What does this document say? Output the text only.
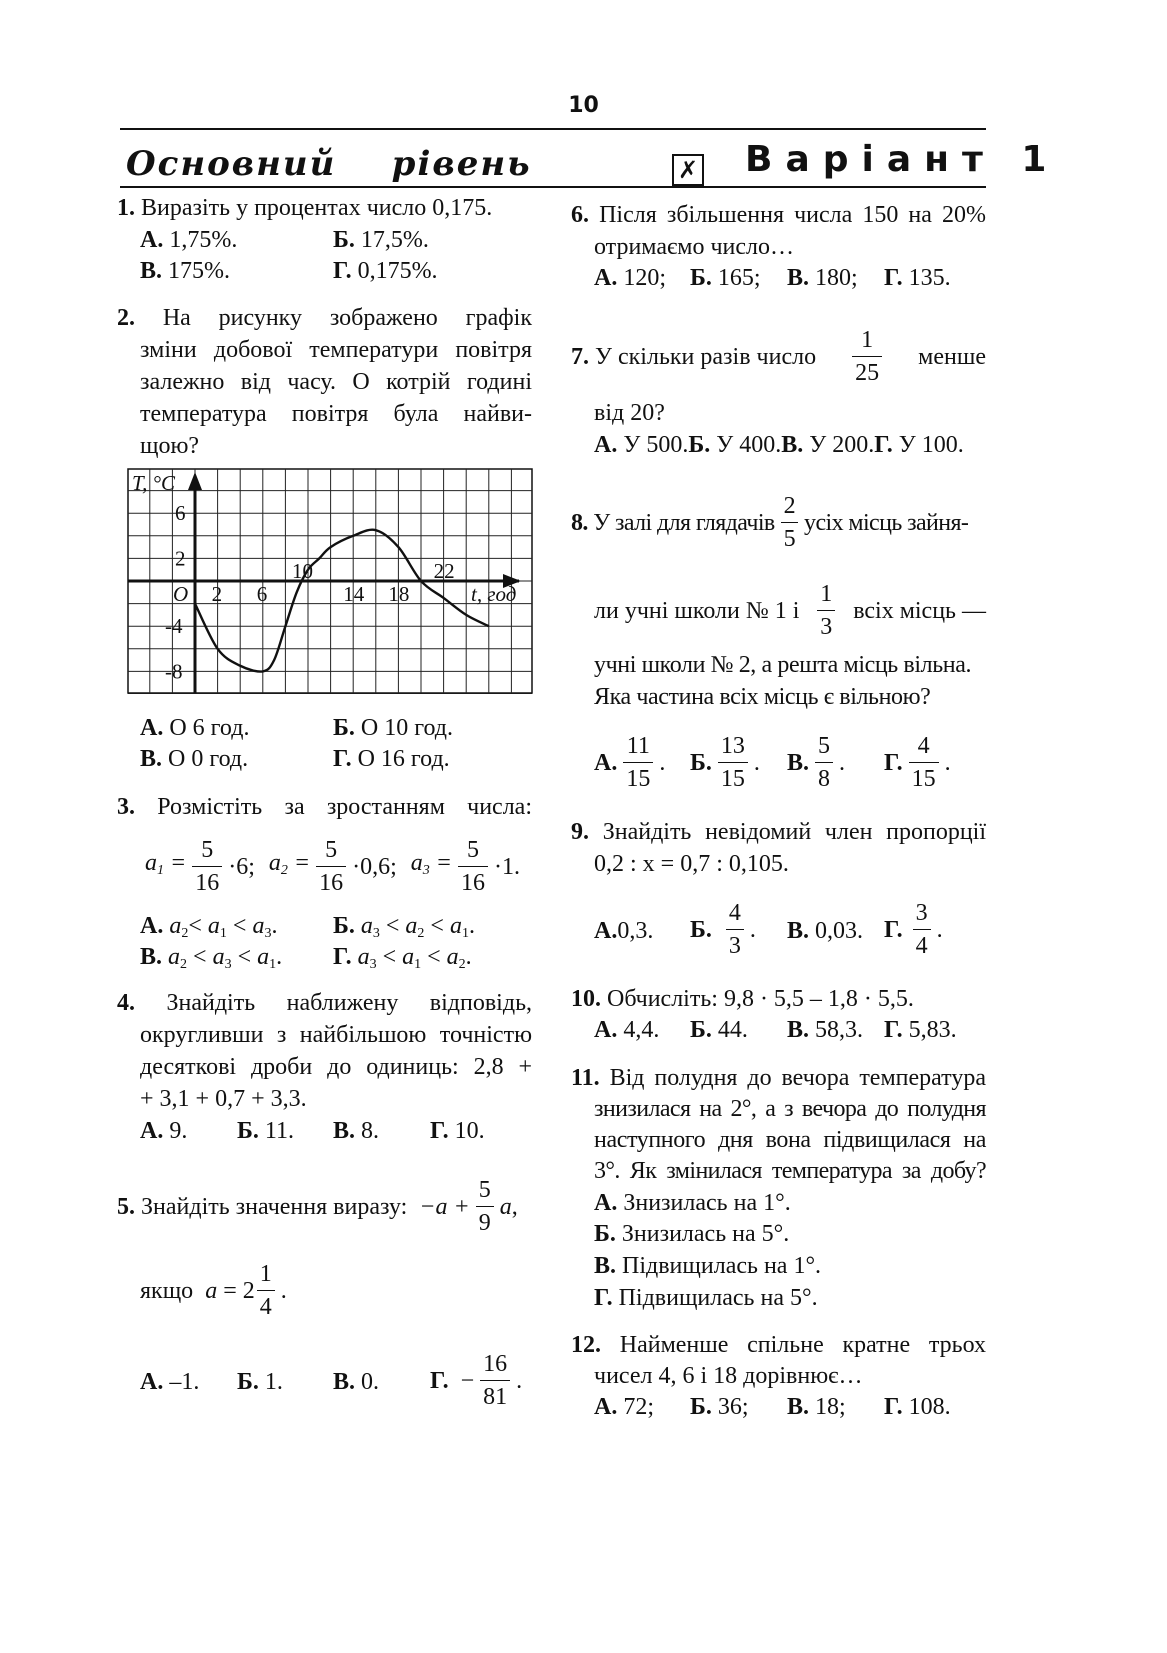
10
Основний    рівень	✗ Варіант 1
1. Виразіть у процентах число 0,175.
А. 1,75%.	Б. 17,5%.
В. 175%.	Г. 0,175%.
2. На рисунку зображено графік
зміни добової температури повітря
залежно від часу. О котрій годині
температура повітря була найви-
щою?
T, °C
O	t, год
2 6
10
14 18
22
6
2
-4
-8
А. О 6 год.	Б. О 10 год.
В. О 0 год.	Г. О 16 год.
3. Розмістіть за зростанням числа:
$a_1 = \frac{5}{16} \cdot 6$; $a_2 = \frac{5}{16} \cdot 0,6$; $a_3 = \frac{5}{16} \cdot 1$.
А. $a_2< a_1 < a_3$. Б. $a_3 < a_2 < a_1$.
В. $a_2 < a_3 < a_1$. Г. $a_3 < a_1 < a_2$.
4. Знайдіть наближену відповідь,
округливши з найбільшою точністю
десяткові дроби до одиниць: 2,8 +
+ 3,1 + 0,7 + 3,3.
А. 9. Б. 11. В. 8. Г. 10.
5.
Знайдіть значення виразу:
$-a + \frac{5}{9}$ a ,
якщо
$a = 2 \frac{1}{4}$ .
А. –1. Б. 1. В. 0. Г. − $\frac{16}{81}$ .
6. Після збільшення числа 150 на 20%
отримаємо число…
А. 120; Б. 165; В. 180; Г. 135.
7. У скільки разів число $\frac{1}{25}$ менше
від 20?
А. У 500.Б. У 400.В. У 200.Г. У 100.
8. У залі для глядачів $\frac{2}{5}$ усіх місць зайня-
ли учні школи № 1 і $\frac{1}{3}$ всіх місць —
учні школи № 2, а решта місць вільна.
Яка частина всіх місць є вільною?
А. $\frac{11}{15}$ . Б. $\frac{13}{15}$ . В. $\frac{5}{8}$ . Г. $\frac{4}{15}$ .
9. Знайдіть невідомий член пропорції
0,2 : x = 0,7 : 0,105.
А.0,3. Б. $\frac{4}{3}$ . В. 0,03. Г. $\frac{3}{4}$ .
10. Обчисліть: 9,8 · 5,5 – 1,8 · 5,5.
А. 4,4. Б. 44. В. 58,3. Г. 5,83.
11. Від полудня до вечора температура
знизилася на 2°, а з вечора до полудня
наступного дня вона підвищилася на
3°. Як змінилася температура за добу?
А. Знизилась на 1°.
Б. Знизилась на 5°.
В. Підвищилась на 1°.
Г. Підвищилась на 5°.
12. Найменше спільне кратне трьох
чисел 4, 6 і 18 дорівнює…
А. 72; Б. 36; В. 18; Г. 108.
